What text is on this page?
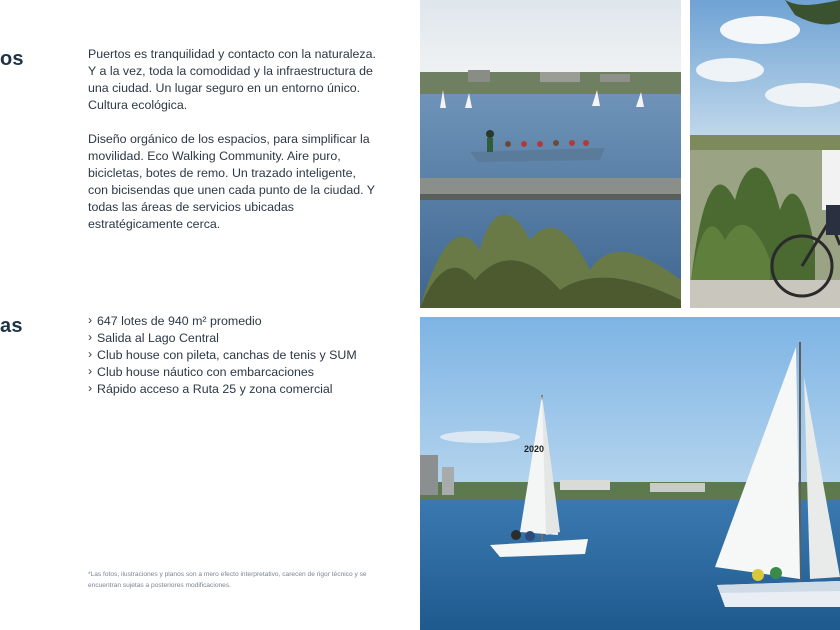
os
as

Puertos es tranquilidad y contacto con la naturaleza. Y a la vez, toda la comodidad y la infraestructura de una ciudad. Un lugar seguro en un entorno único. Cultura ecológica.

Diseño orgánico de los espacios, para simplificar la movilidad. Eco Walking Community. Aire puro, bicicletas, botes de remo. Un trazado inteligente, con bicisendas que unen cada punto de la ciudad. Y todas las áreas de servicios ubicadas estratégicamente cerca.

› 647 lotes de 940 m² promedio
› Salida al Lago Central
› Club house con pileta, canchas de tenis y SUM
› Club house náutico con embarcaciones
› Rápido acceso a Ruta 25 y zona comercial

*Las fotos, ilustraciones y planos son a mero efecto interpretativo, carecen de rigor técnico y se encuentran sujetas a posteriores modificaciones.

2020
